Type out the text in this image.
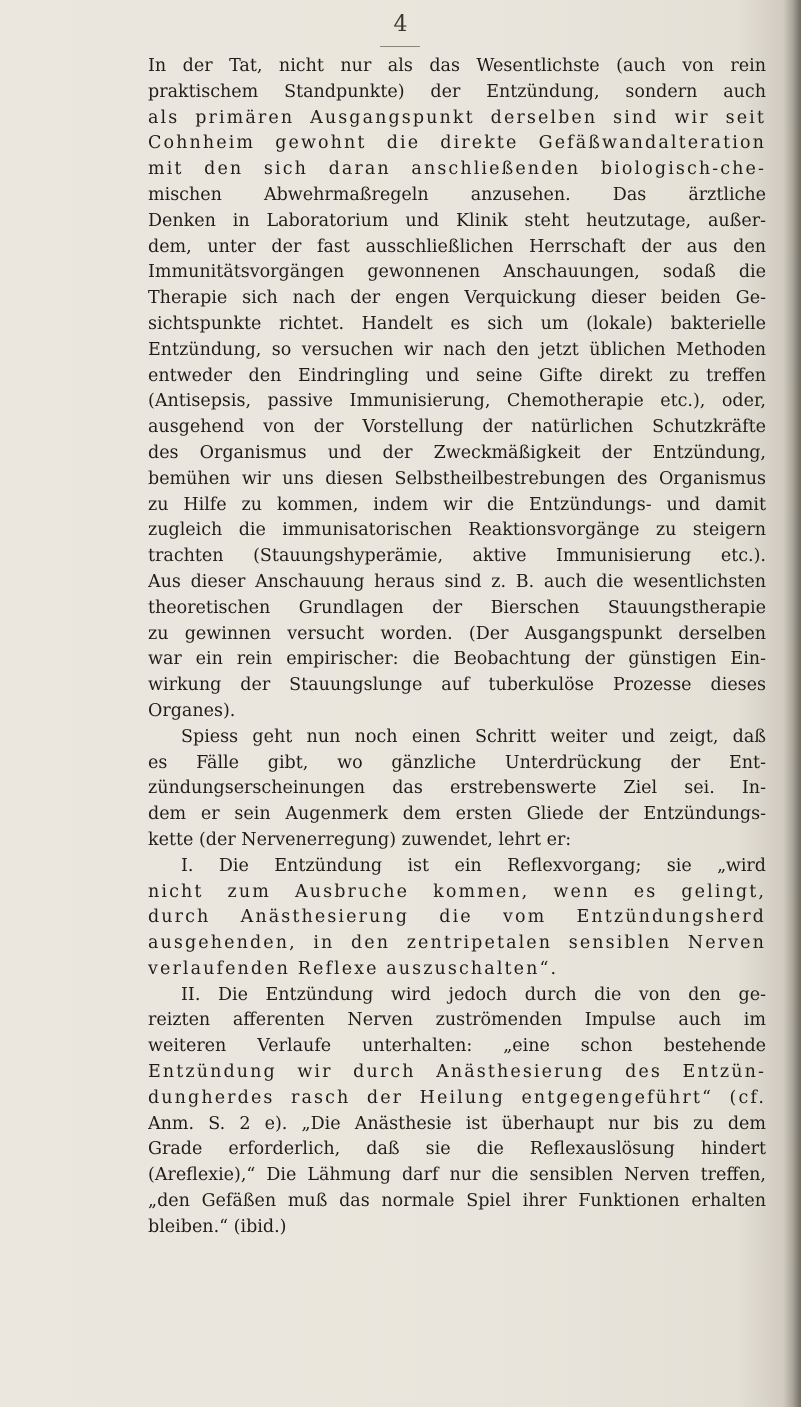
4
In der Tat, nicht nur als das Wesentlichste (auch von rein
praktischem Standpunkte) der Entzündung, sondern auch
als primären Ausgangspunkt derselben sind wir seit
Cohnheim gewohnt die direkte Gefäßwandalteration
mit den sich daran anschließenden biologisch-che-
mischen Abwehrmaßregeln anzusehen. Das ärztliche
Denken in Laboratorium und Klinik steht heutzutage, außer-
dem, unter der fast ausschließlichen Herrschaft der aus den
Immunitätsvorgängen gewonnenen Anschauungen, sodaß die
Therapie sich nach der engen Verquickung dieser beiden Ge-
sichtspunkte richtet. Handelt es sich um (lokale) bakterielle
Entzündung, so versuchen wir nach den jetzt üblichen Methoden
entweder den Eindringling und seine Gifte direkt zu treffen
(Antisepsis, passive Immunisierung, Chemotherapie etc.), oder,
ausgehend von der Vorstellung der natürlichen Schutzkräfte
des Organismus und der Zweckmäßigkeit der Entzündung,
bemühen wir uns diesen Selbstheilbestrebungen des Organismus
zu Hilfe zu kommen, indem wir die Entzündungs- und damit
zugleich die immunisatorischen Reaktionsvorgänge zu steigern
trachten (Stauungshyperämie, aktive Immunisierung etc.).
Aus dieser Anschauung heraus sind z. B. auch die wesentlichsten
theoretischen Grundlagen der Bierschen Stauungstherapie
zu gewinnen versucht worden. (Der Ausgangspunkt derselben
war ein rein empirischer: die Beobachtung der günstigen Ein-
wirkung der Stauungslunge auf tuberkulöse Prozesse dieses
Organes).
Spiess geht nun noch einen Schritt weiter und zeigt, daß
es Fälle gibt, wo gänzliche Unterdrückung der Ent-
zündungserscheinungen das erstrebenswerte Ziel sei. In-
dem er sein Augenmerk dem ersten Gliede der Entzündungs-
kette (der Nervenerregung) zuwendet, lehrt er:
I. Die Entzündung ist ein Reflexvorgang; sie „wird
nicht zum Ausbruche kommen, wenn es gelingt,
durch Anästhesierung die vom Entzündungsherd
ausgehenden, in den zentripetalen sensiblen Nerven
verlaufenden Reflexe auszuschalten“.
II. Die Entzündung wird jedoch durch die von den ge-
reizten afferenten Nerven zuströmenden Impulse auch im
weiteren Verlaufe unterhalten: „eine schon bestehende
Entzündung wir durch Anästhesierung des Entzün-
dungherdes rasch der Heilung entgegengeführt“ (cf.
Anm. S. 2 e). „Die Anästhesie ist überhaupt nur bis zu dem
Grade erforderlich, daß sie die Reflexauslösung hindert
(Areflexie),“ Die Lähmung darf nur die sensiblen Nerven treffen,
„den Gefäßen muß das normale Spiel ihrer Funktionen erhalten
bleiben.“ (ibid.)
